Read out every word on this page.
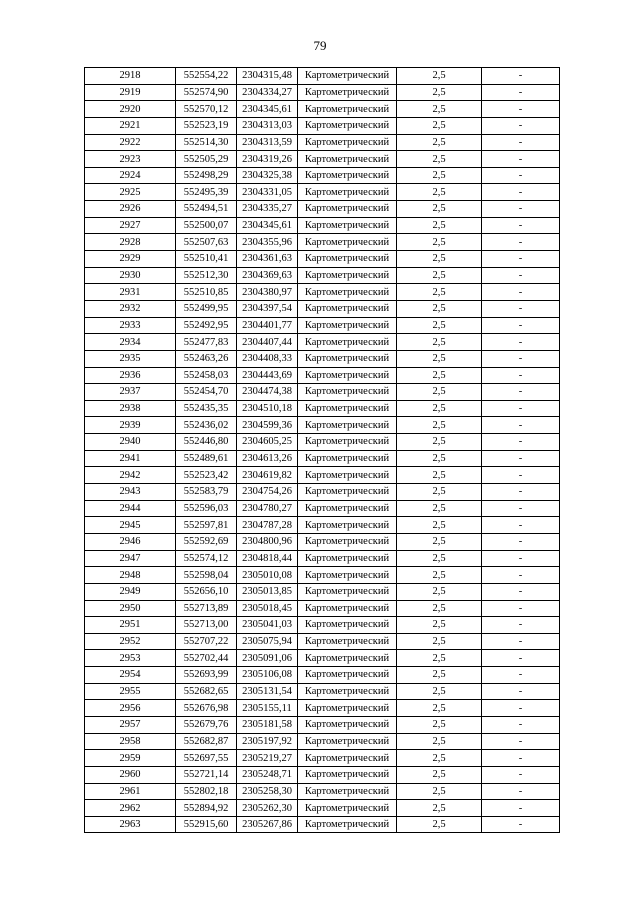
79
2918	552554,22	2304315,48	Картометрический	2,5	-
2919	552574,90	2304334,27	Картометрический	2,5	-
2920	552570,12	2304345,61	Картометрический	2,5	-
2921	552523,19	2304313,03	Картометрический	2,5	-
2922	552514,30	2304313,59	Картометрический	2,5	-
2923	552505,29	2304319,26	Картометрический	2,5	-
2924	552498,29	2304325,38	Картометрический	2,5	-
2925	552495,39	2304331,05	Картометрический	2,5	-
2926	552494,51	2304335,27	Картометрический	2,5	-
2927	552500,07	2304345,61	Картометрический	2,5	-
2928	552507,63	2304355,96	Картометрический	2,5	-
2929	552510,41	2304361,63	Картометрический	2,5	-
2930	552512,30	2304369,63	Картометрический	2,5	-
2931	552510,85	2304380,97	Картометрический	2,5	-
2932	552499,95	2304397,54	Картометрический	2,5	-
2933	552492,95	2304401,77	Картометрический	2,5	-
2934	552477,83	2304407,44	Картометрический	2,5	-
2935	552463,26	2304408,33	Картометрический	2,5	-
2936	552458,03	2304443,69	Картометрический	2,5	-
2937	552454,70	2304474,38	Картометрический	2,5	-
2938	552435,35	2304510,18	Картометрический	2,5	-
2939	552436,02	2304599,36	Картометрический	2,5	-
2940	552446,80	2304605,25	Картометрический	2,5	-
2941	552489,61	2304613,26	Картометрический	2,5	-
2942	552523,42	2304619,82	Картометрический	2,5	-
2943	552583,79	2304754,26	Картометрический	2,5	-
2944	552596,03	2304780,27	Картометрический	2,5	-
2945	552597,81	2304787,28	Картометрический	2,5	-
2946	552592,69	2304800,96	Картометрический	2,5	-
2947	552574,12	2304818,44	Картометрический	2,5	-
2948	552598,04	2305010,08	Картометрический	2,5	-
2949	552656,10	2305013,85	Картометрический	2,5	-
2950	552713,89	2305018,45	Картометрический	2,5	-
2951	552713,00	2305041,03	Картометрический	2,5	-
2952	552707,22	2305075,94	Картометрический	2,5	-
2953	552702,44	2305091,06	Картометрический	2,5	-
2954	552693,99	2305106,08	Картометрический	2,5	-
2955	552682,65	2305131,54	Картометрический	2,5	-
2956	552676,98	2305155,11	Картометрический	2,5	-
2957	552679,76	2305181,58	Картометрический	2,5	-
2958	552682,87	2305197,92	Картометрический	2,5	-
2959	552697,55	2305219,27	Картометрический	2,5	-
2960	552721,14	2305248,71	Картометрический	2,5	-
2961	552802,18	2305258,30	Картометрический	2,5	-
2962	552894,92	2305262,30	Картометрический	2,5	-
2963	552915,60	2305267,86	Картометрический	2,5	-
